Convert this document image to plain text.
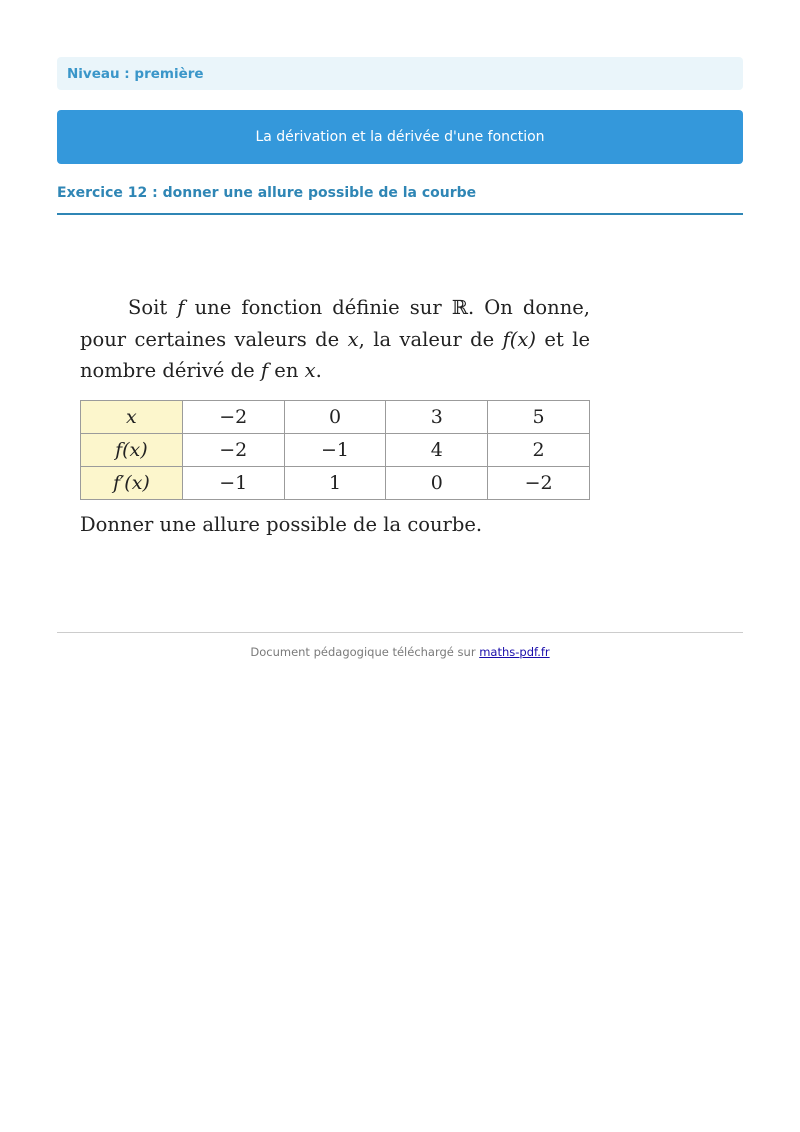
Niveau : première
La dérivation et la dérivée d'une fonction
Exercice 12 : donner une allure possible de la courbe

Soit f une fonction définie sur ℝ. On donne, pour certaines valeurs de x, la valeur de f(x) et le nombre dérivé de f en x.

x	−2	0	3	5
f(x)	−2	−1	4	2
f′(x)	−1	1	0	−2
Donner une allure possible de la courbe.
Document pédagogique téléchargé sur maths-pdf.fr
